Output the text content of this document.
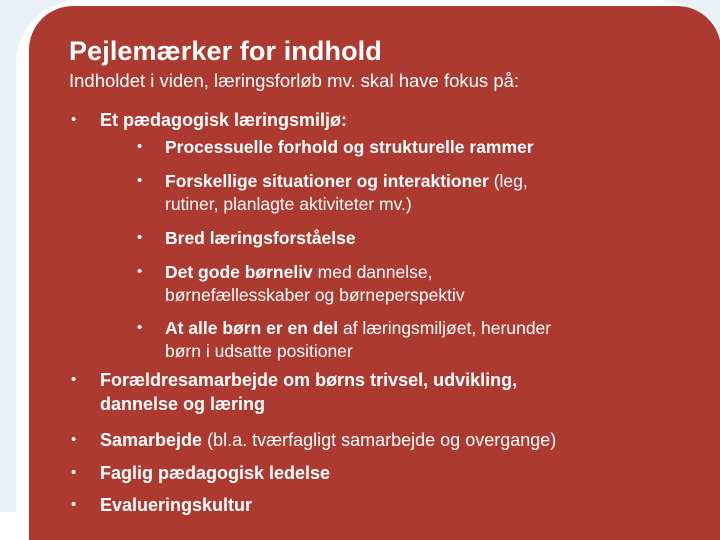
Pejlemærker for indhold
Indholdet i viden, læringsforløb mv. skal have fokus på:
• Et pædagogisk læringsmiljø:
• Processuelle forhold og strukturelle rammer
• Forskellige situationer og interaktioner (leg,
rutiner, planlagte aktiviteter mv.)
• Bred læringsforståelse
• Det gode børneliv med dannelse,
børnefællesskaber og børneperspektiv
• At alle børn er en del af læringsmiljøet, herunder
børn i udsatte positioner
• Forældresamarbejde om børns trivsel, udvikling,
dannelse og læring
• Samarbejde (bl.a. tværfagligt samarbejde og overgange)
• Faglig pædagogisk ledelse
• Evalueringskultur
